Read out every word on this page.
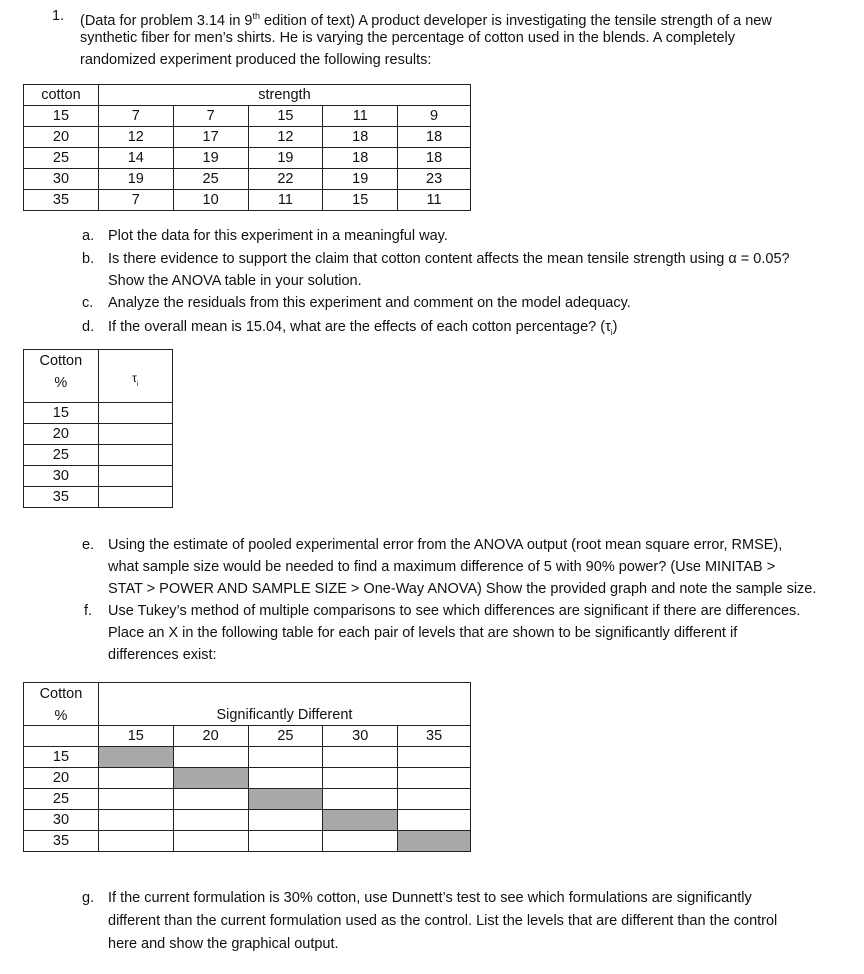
1. (Data for problem 3.14 in 9th edition of text) A product developer is investigating the tensile strength of a new
synthetic fiber for men’s shirts. He is varying the percentage of cotton used in the blends. A completely
randomized experiment produced the following results:
cotton	strength				
15	7	7	15	11	9
20	12	17	12	18	18
25	14	19	19	18	18
30	19	25	22	19	23
35	7	10	11	15	11
a. Plot the data for this experiment in a meaningful way.
b. Is there evidence to support the claim that cotton content affects the mean tensile strength using α = 0.05?
Show the ANOVA table in your solution.
c. Analyze the residuals from this experiment and comment on the model adequacy.
d. If the overall mean is 15.04, what are the effects of each cotton percentage? $(\tau_i)$
Cotton
%	$\tau_i$
15	
20	
25	
30	
35	
e. Using the estimate of pooled experimental error from the ANOVA output (root mean square error, RMSE),
what sample size would be needed to find a maximum difference of 5 with 90% power? (Use MINITAB >
STAT > POWER AND SAMPLE SIZE > One-Way ANOVA) Show the provided graph and note the sample size.
f. Use Tukey’s method of multiple comparisons to see which differences are significant if there are differences.
Place an X in the following table for each pair of levels that are shown to be significantly different if
differences exist:
Cotton
%	Significantly Different				
	15	20	25	30	35
15					
20					
25					
30					
35					
g. If the current formulation is 30% cotton, use Dunnett’s test to see which formulations are significantly
different than the current formulation used as the control. List the levels that are different than the control
here and show the graphical output.
